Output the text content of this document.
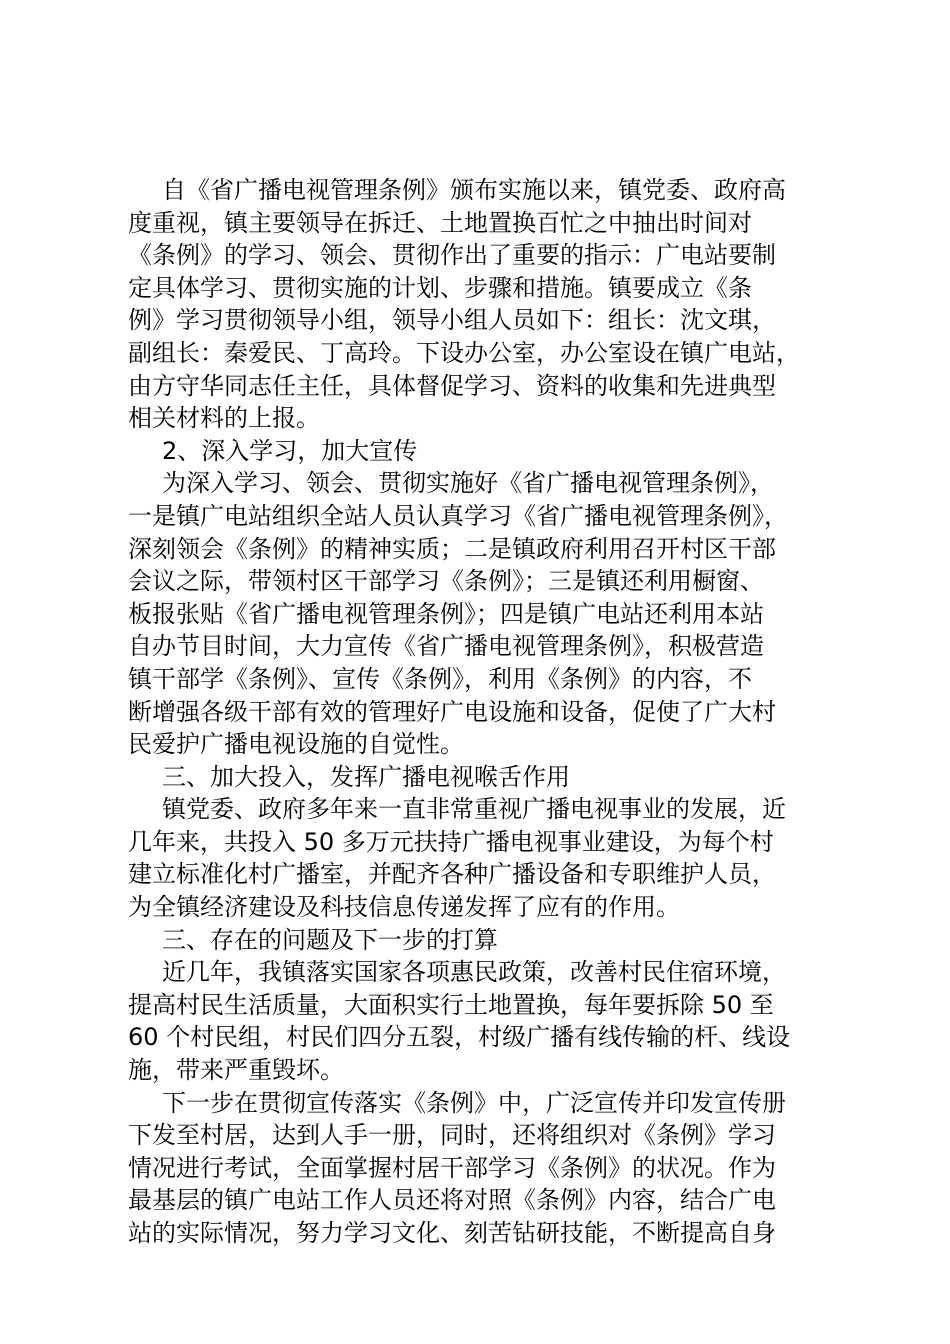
自《省广播电视管理条例》颁布实施以来，镇党委、政府高
度重视，镇主要领导在拆迁、土地置换百忙之中抽出时间对
《条例》的学习、领会、贯彻作出了重要的指示：广电站要制
定具体学习、贯彻实施的计划、步骤和措施。镇要成立《条
例》学习贯彻领导小组，领导小组人员如下：组长：沈文琪，
副组长：秦爱民、丁高玲。下设办公室，办公室设在镇广电站，
由方守华同志任主任，具体督促学习、资料的收集和先进典型
相关材料的上报。
2、深入学习，加大宣传
为深入学习、领会、贯彻实施好《省广播电视管理条例》，
一是镇广电站组织全站人员认真学习《省广播电视管理条例》，
深刻领会《条例》的精神实质；二是镇政府利用召开村区干部
会议之际，带领村区干部学习《条例》；三是镇还利用橱窗、
板报张贴《省广播电视管理条例》；四是镇广电站还利用本站
自办节目时间，大力宣传《省广播电视管理条例》，积极营造
镇干部学《条例》、宣传《条例》，利用《条例》的内容，不
断增强各级干部有效的管理好广电设施和设备，促使了广大村
民爱护广播电视设施的自觉性。
三、加大投入，发挥广播电视喉舌作用
镇党委、政府多年来一直非常重视广播电视事业的发展，近
几年来，共投入 50 多万元扶持广播电视事业建设，为每个村
建立标准化村广播室，并配齐各种广播设备和专职维护人员，
为全镇经济建设及科技信息传递发挥了应有的作用。
三、存在的问题及下一步的打算
近几年，我镇落实国家各项惠民政策，改善村民住宿环境，
提高村民生活质量，大面积实行土地置换，每年要拆除 50 至
60 个村民组，村民们四分五裂，村级广播有线传输的杆、线设
施，带来严重毁坏。
下一步在贯彻宣传落实《条例》中，广泛宣传并印发宣传册
下发至村居，达到人手一册，同时，还将组织对《条例》学习
情况进行考试，全面掌握村居干部学习《条例》的状况。作为
最基层的镇广电站工作人员还将对照《条例》内容，结合广电
站的实际情况，努力学习文化、刻苦钻研技能，不断提高自身
